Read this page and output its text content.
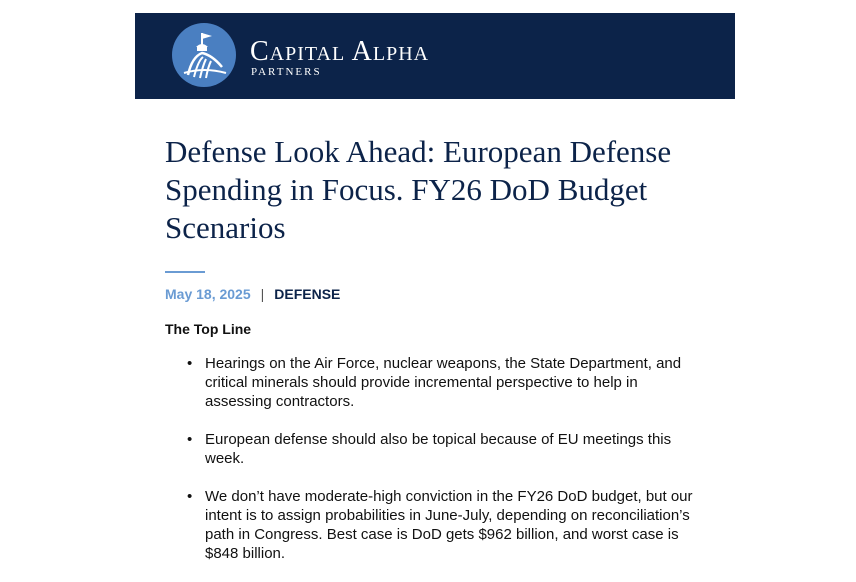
Capital Alpha
PARTNERS
Defense Look Ahead: European Defense Spending in Focus. FY26 DoD Budget Scenarios
May 18, 2025 | DEFENSE
The Top Line
• Hearings on the Air Force, nuclear weapons, the State Department, and critical minerals should provide incremental perspective to help in assessing contractors.
• European defense should also be topical because of EU meetings this week.
• We don’t have moderate-high conviction in the FY26 DoD budget, but our intent is to assign probabilities in June-July, depending on reconciliation’s path in Congress. Best case is DoD gets $962 billion, and worst case is $848 billion.
